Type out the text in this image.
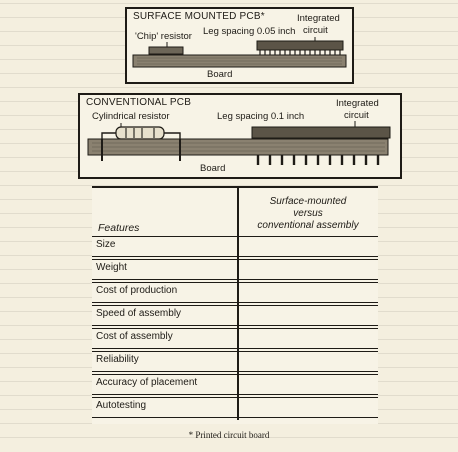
SURFACE MOUNTED PCB*
'Chip' resistor Leg spacing 0.05 inch
Integrated
circuit
Board
CONVENTIONAL PCB
Cylindrical resistor	Leg spacing 0.1 inch
Integrated
circuit
Board
Surface-mounted
versus
conventional assembly
Features
Size
Weight
Cost of production
Speed of assembly
Cost of assembly
Reliability
Accuracy of placement
Autotesting
* Printed circuit board
